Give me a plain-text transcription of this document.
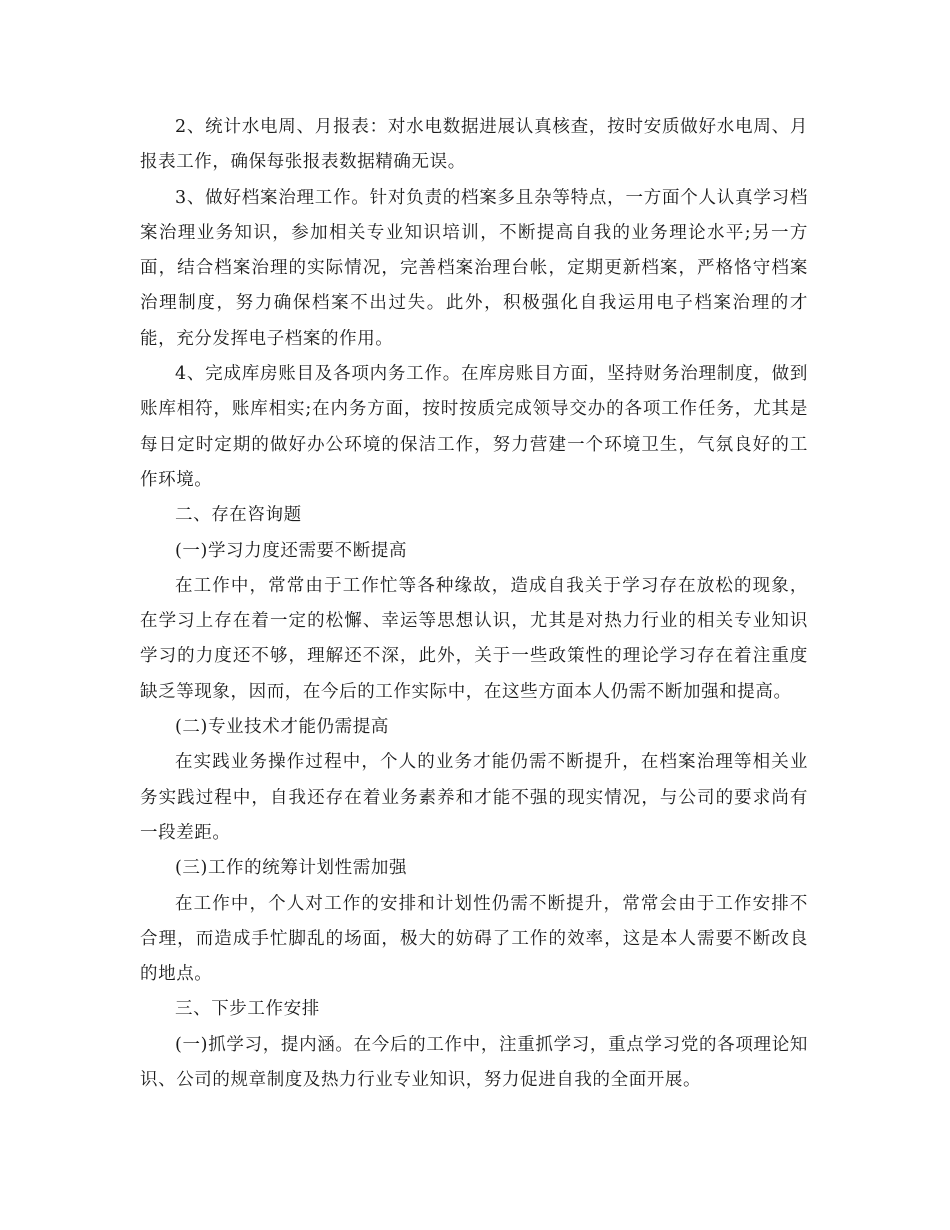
2、统计水电周、月报表：对水电数据进展认真核查，按时安质做好水电周、月报表工作，确保每张报表数据精确无误。

3、做好档案治理工作。针对负责的档案多且杂等特点，一方面个人认真学习档案治理业务知识，参加相关专业知识培训，不断提高自我的业务理论水平;另一方面，结合档案治理的实际情况，完善档案治理台帐，定期更新档案，严格恪守档案治理制度，努力确保档案不出过失。此外，积极强化自我运用电子档案治理的才能，充分发挥电子档案的作用。

4、完成库房账目及各项内务工作。在库房账目方面，坚持财务治理制度，做到账库相符，账库相实;在内务方面，按时按质完成领导交办的各项工作任务，尤其是每日定时定期的做好办公环境的保洁工作，努力营建一个环境卫生，气氛良好的工作环境。

二、存在咨询题

(一)学习力度还需要不断提高

在工作中，常常由于工作忙等各种缘故，造成自我关于学习存在放松的现象，在学习上存在着一定的松懈、幸运等思想认识，尤其是对热力行业的相关专业知识学习的力度还不够，理解还不深，此外，关于一些政策性的理论学习存在着注重度缺乏等现象，因而，在今后的工作实际中，在这些方面本人仍需不断加强和提高。

(二)专业技术才能仍需提高

在实践业务操作过程中，个人的业务才能仍需不断提升，在档案治理等相关业务实践过程中，自我还存在着业务素养和才能不强的现实情况，与公司的要求尚有一段差距。

(三)工作的统筹计划性需加强

在工作中，个人对工作的安排和计划性仍需不断提升，常常会由于工作安排不合理，而造成手忙脚乱的场面，极大的妨碍了工作的效率，这是本人需要不断改良的地点。

三、下步工作安排

(一)抓学习，提内涵。在今后的工作中，注重抓学习，重点学习党的各项理论知识、公司的规章制度及热力行业专业知识，努力促进自我的全面开展。
